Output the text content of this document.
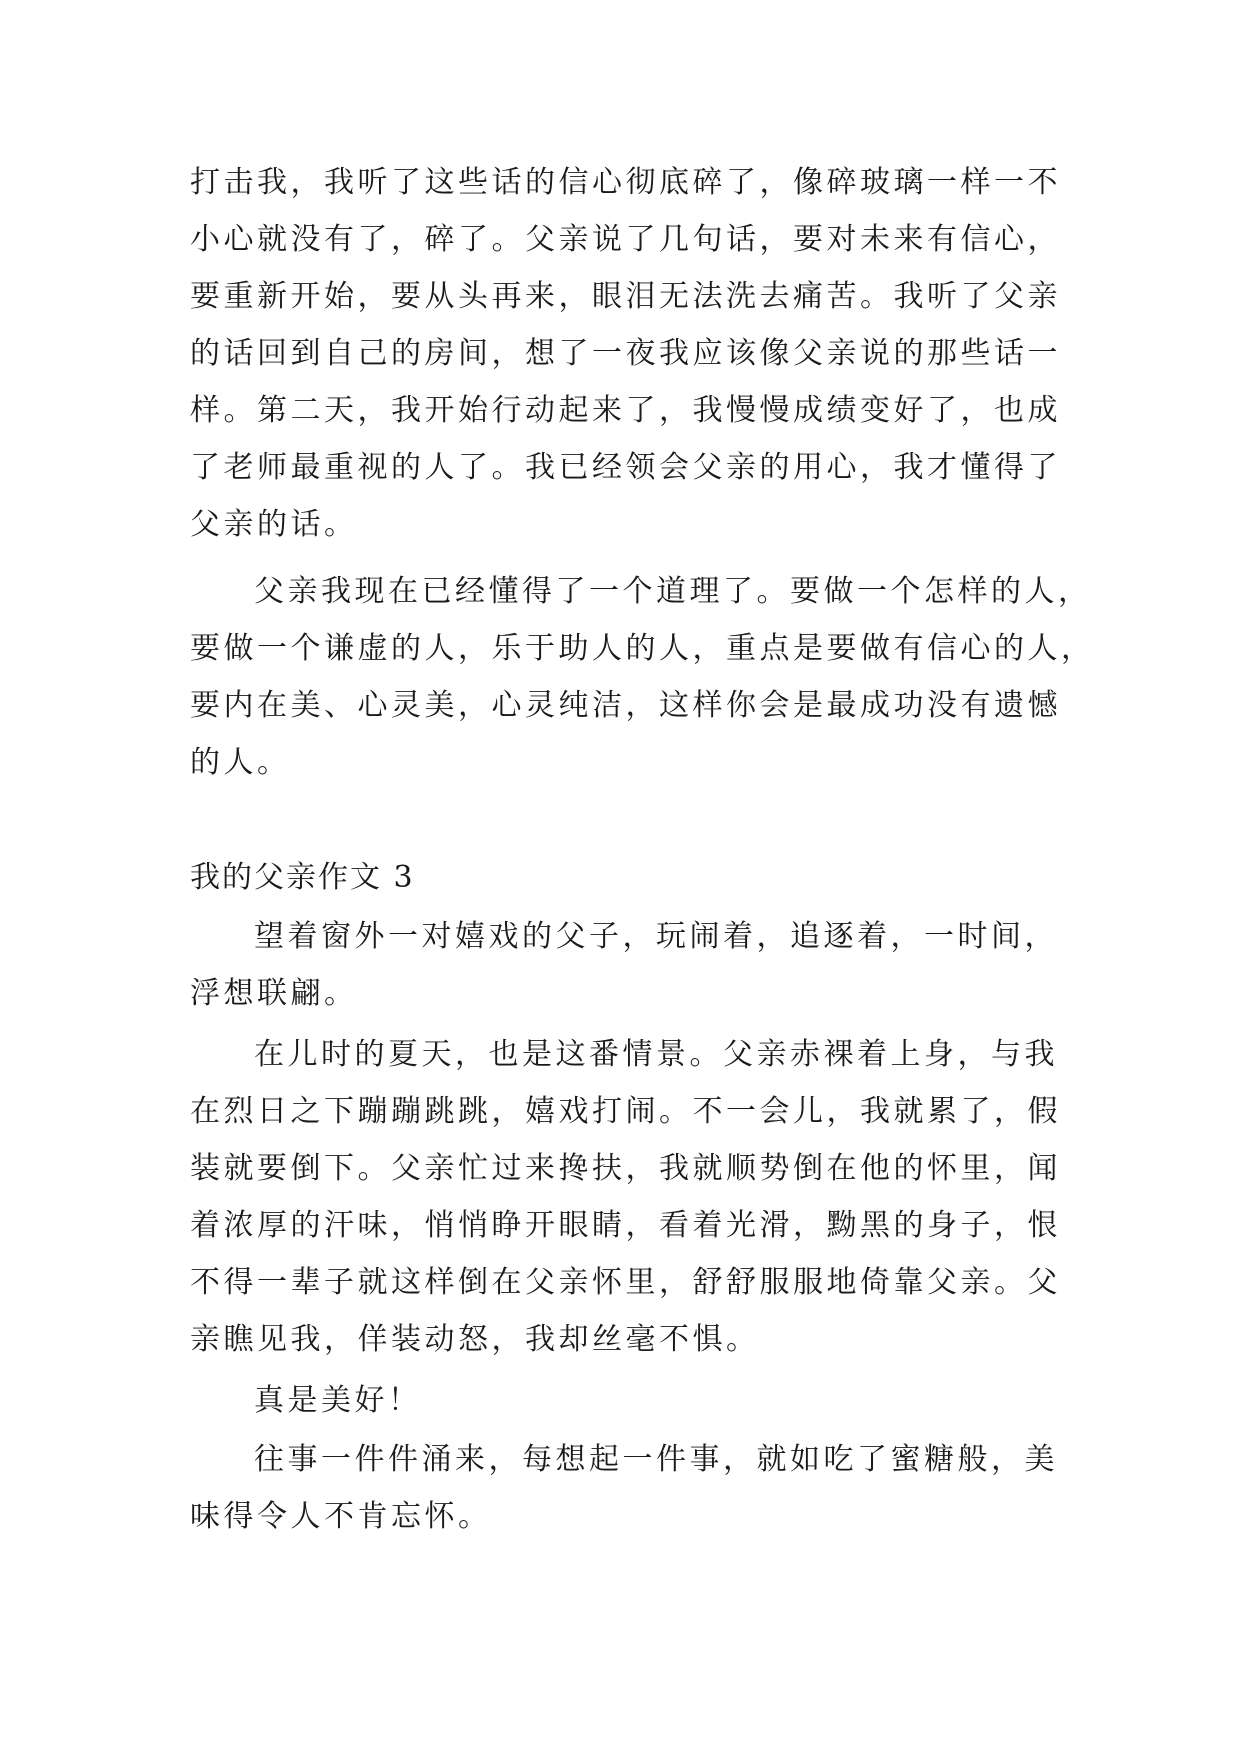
打击我，我听了这些话的信心彻底碎了，像碎玻璃一样一不
小心就没有了，碎了。父亲说了几句话，要对未来有信心，
要重新开始，要从头再来，眼泪无法洗去痛苦。我听了父亲
的话回到自己的房间，想了一夜我应该像父亲说的那些话一
样。第二天，我开始行动起来了，我慢慢成绩变好了，也成
了老师最重视的人了。我已经领会父亲的用心，我才懂得了
父亲的话。
父亲我现在已经懂得了一个道理了。要做一个怎样的人，
要做一个谦虚的人，乐于助人的人，重点是要做有信心的人，
要内在美、心灵美，心灵纯洁，这样你会是最成功没有遗憾
的人。
我的父亲作文 3
望着窗外一对嬉戏的父子，玩闹着，追逐着，一时间，
浮想联翩。
在儿时的夏天，也是这番情景。父亲赤裸着上身，与我
在烈日之下蹦蹦跳跳，嬉戏打闹。不一会儿，我就累了，假
装就要倒下。父亲忙过来搀扶，我就顺势倒在他的怀里，闻
着浓厚的汗味，悄悄睁开眼睛，看着光滑，黝黑的身子，恨
不得一辈子就这样倒在父亲怀里，舒舒服服地倚靠父亲。父
亲瞧见我，佯装动怒，我却丝毫不惧。
真是美好！
往事一件件涌来，每想起一件事，就如吃了蜜糖般，美
味得令人不肯忘怀。
